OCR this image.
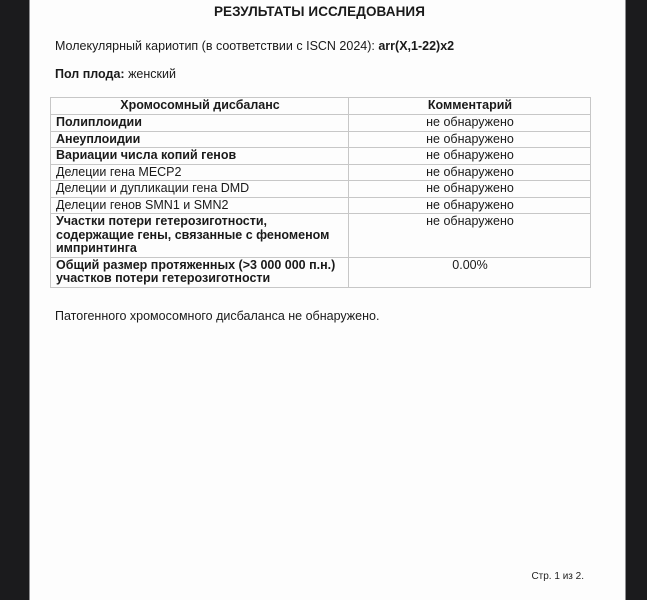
РЕЗУЛЬТАТЫ ИССЛЕДОВАНИЯ
Молекулярный кариотип (в соответствии с ISCN 2024): arr(X,1-22)x2
Пол плода: женский
Хромосомный дисбаланс	Комментарий
Полиплоидии	не обнаружено
Анеуплоидии	не обнаружено
Вариации числа копий генов	не обнаружено
Делеции гена MECP2	не обнаружено
Делеции и дупликации гена DMD	не обнаружено
Делеции генов SMN1 и SMN2	не обнаружено
Участки потери гетерозиготности, содержащие гены, связанные с феноменом импринтинга	не обнаружено
Общий размер протяженных (>3 000 000 п.н.) участков потери гетерозиготности	0.00%
Патогенного хромосомного дисбаланса не обнаружено.
Стр. 1 из 2.
